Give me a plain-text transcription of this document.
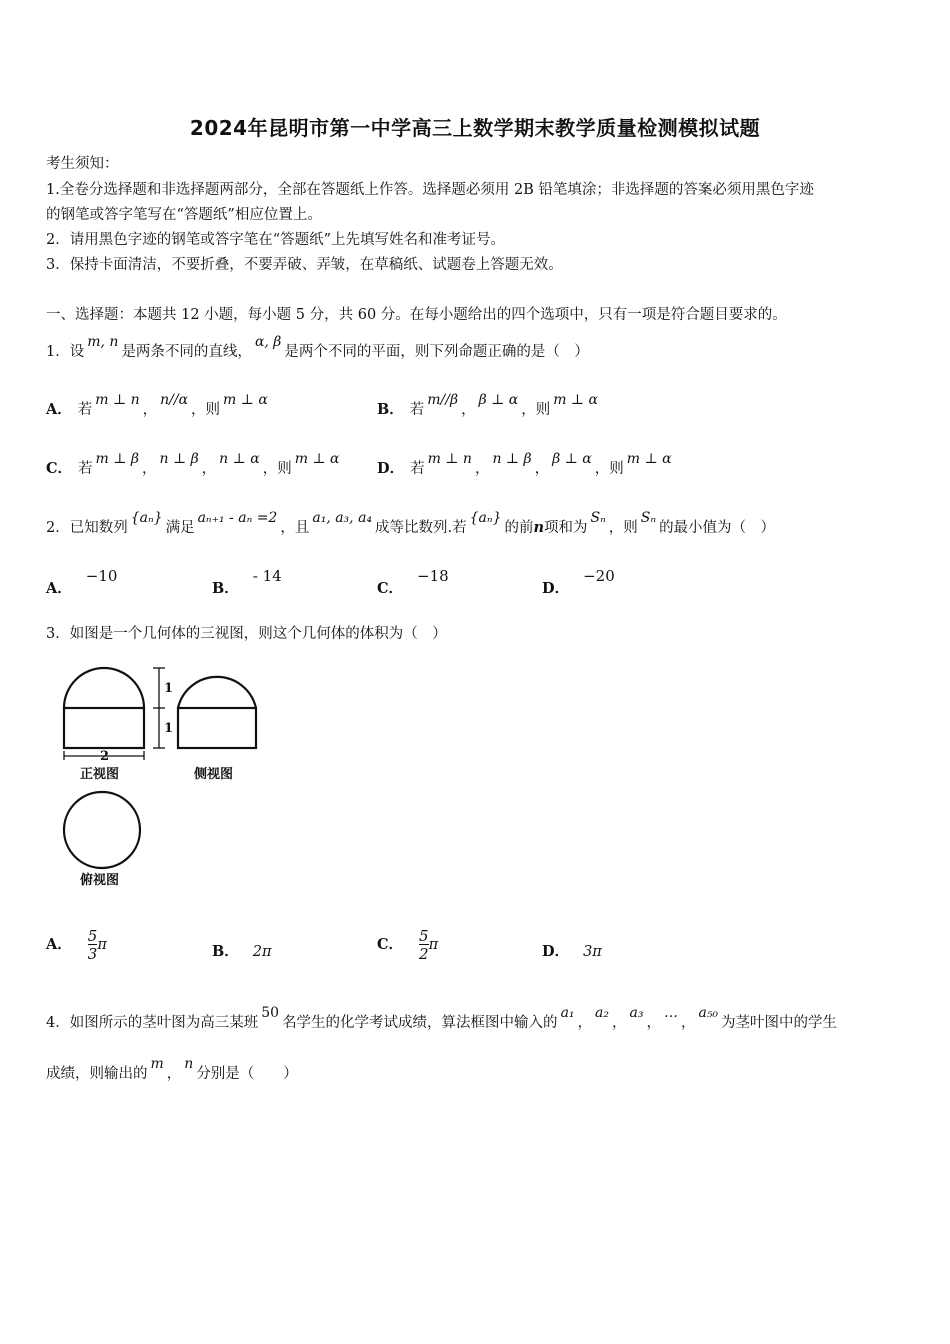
2024年昆明市第一中学高三上数学期末教学质量检测模拟试题
考生须知：
1.全卷分选择题和非选择题两部分，全部在答题纸上作答。选择题必须用 2B 铅笔填涂；非选择题的答案必须用黑色字迹
的钢笔或答字笔写在“答题纸”相应位置上。
2．请用黑色字迹的钢笔或答字笔在“答题纸”上先填写姓名和准考证号。
3．保持卡面清洁，不要折叠，不要弄破、弄皱，在草稿纸、试题卷上答题无效。
一、选择题：本题共 12 小题，每小题 5 分，共 60 分。在每小题给出的四个选项中，只有一项是符合题目要求的。
1．设m, n是两条不同的直线，α, β是两个不同的平面，则下列命题正确的是（　）
A． 若m ⊥ n，n//α，则m ⊥ α
B． 若m//β，β ⊥ α，则m ⊥ α
C． 若m ⊥ β，n ⊥ β，n ⊥ α，则m ⊥ α
D． 若m ⊥ n，n ⊥ β，β ⊥ α，则m ⊥ α
2．已知数列{aₙ}满足aₙ₊₁ - aₙ =2，且a₁, a₃, a₄成等比数列.若{aₙ}的前n项和为Sₙ，则Sₙ的最小值为（　）
A．−10
B．- 14
C．−18
D．−20
3．如图是一个几何体的三视图，则这个几何体的体积为（　）
1
1
2
正视图	侧视图
俯视图
A． $\frac{5}{3}\pi$	B． 2π	C． $\frac{5}{2}\pi$	D． 3π
4．如图所示的茎叶图为高三某班50名学生的化学考试成绩，算法框图中输入的a₁，a₂，a₃，…，a₅₀为茎叶图中的学生
成绩，则输出的m，n分别是（　　）
